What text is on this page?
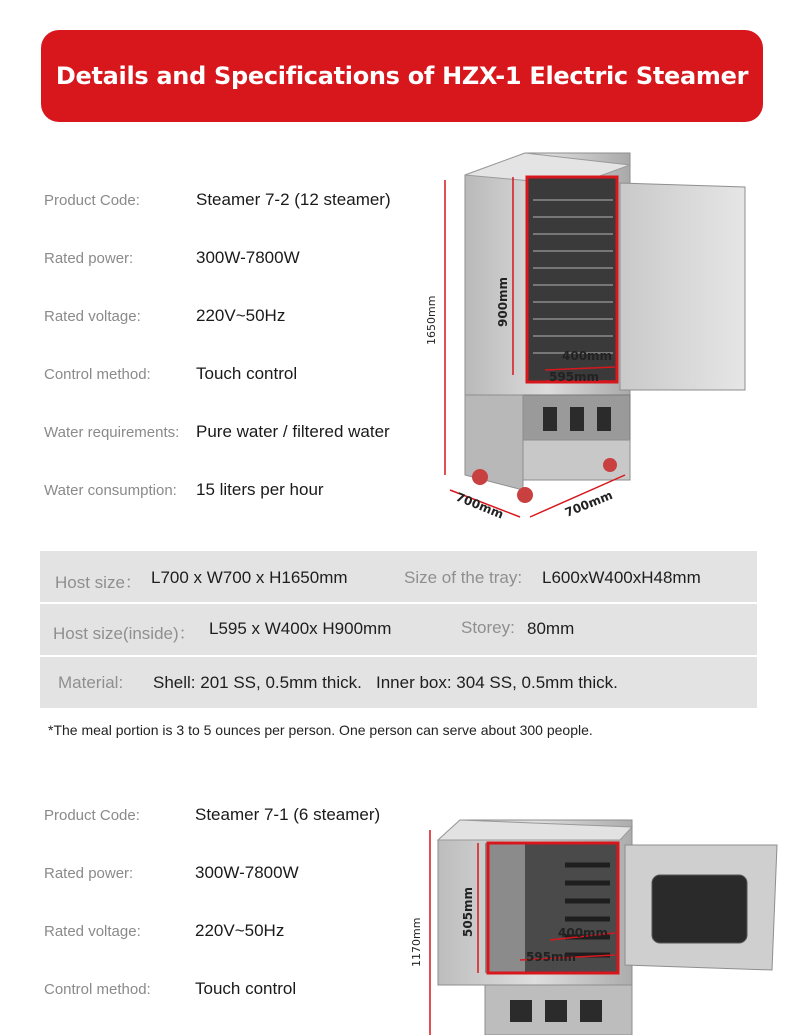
Details and Specifications of HZX-1 Electric Steamer
Product Code:	Steamer 7-2 (12 steamer)
Rated power:	300W-7800W
Rated voltage:	220V~50Hz
Control method:	Touch control
Water requirements: Pure water / filtered water
Water consumption: 15 liters per hour
1650mm	900mm
400mm
595mm
700mm	700mm
Host size： L700 x W700 x H1650mm	Size of the tray: L600xW400xH48mm
Host size(inside)： L595 x W400x H900mm	Storey: 80mm
Material: Shell: 201 SS, 0.5mm thick.   Inner box: 304 SS, 0.5mm thick.
*The meal portion is 3 to 5 ounces per person. One person can serve about 300 people.
Product Code:	Steamer 7-1 (6 steamer)
Rated power:	300W-7800W
Rated voltage:	220V~50Hz
Control method:	Touch control
1170mm
505mm	400mm
595mm
